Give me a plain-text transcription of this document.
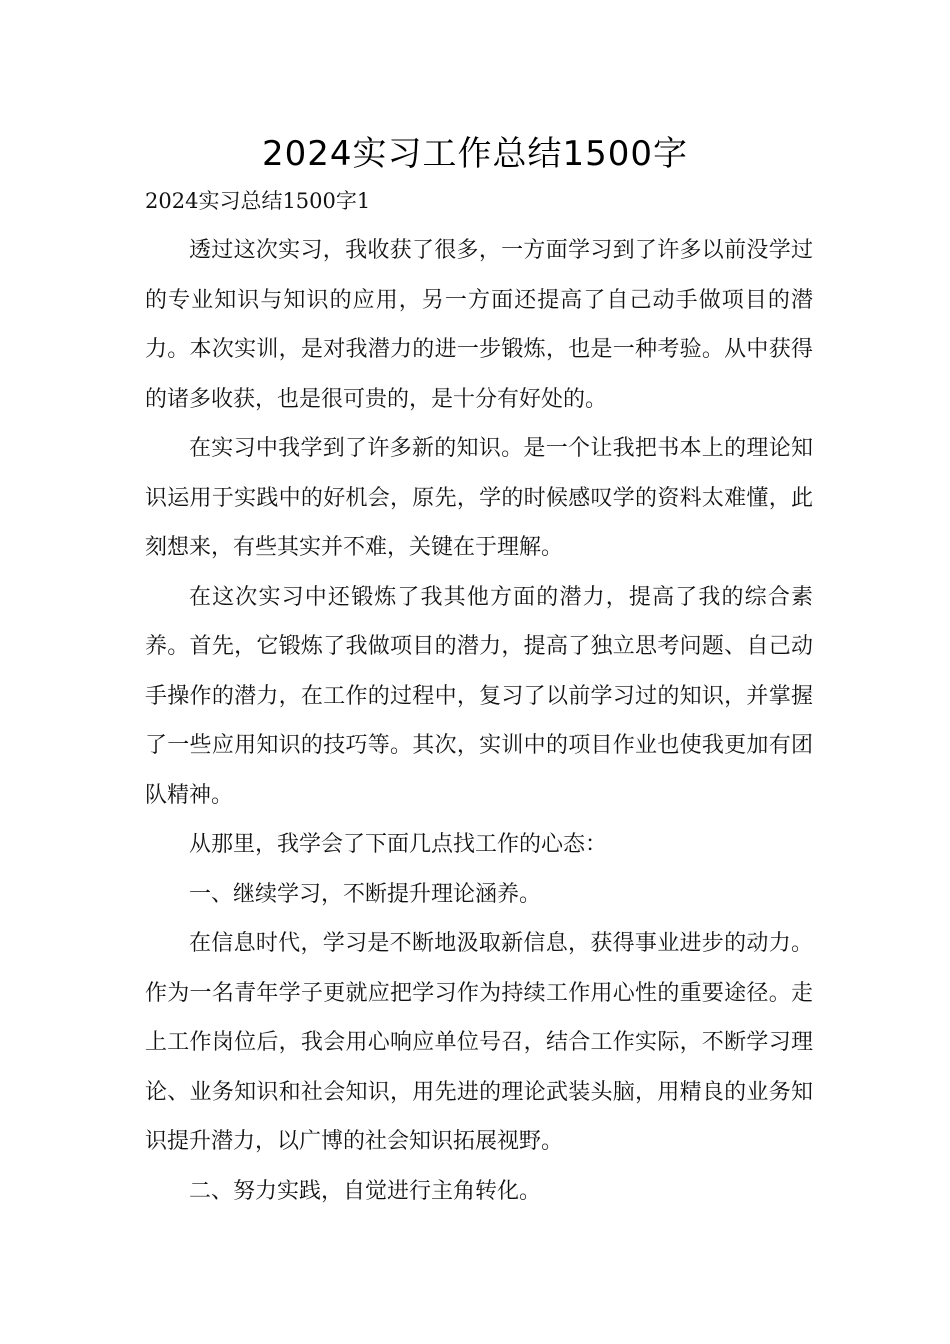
2024实习工作总结1500字
2024实习总结1500字1

透过这次实习，我收获了很多，一方面学习到了许多以前没学过的专业知识与知识的应用，另一方面还提高了自己动手做项目的潜力。本次实训，是对我潜力的进一步锻炼，也是一种考验。从中获得的诸多收获，也是很可贵的，是十分有好处的。

在实习中我学到了许多新的知识。是一个让我把书本上的理论知识运用于实践中的好机会，原先，学的时候感叹学的资料太难懂，此刻想来，有些其实并不难，关键在于理解。

在这次实习中还锻炼了我其他方面的潜力，提高了我的综合素养。首先，它锻炼了我做项目的潜力，提高了独立思考问题、自己动手操作的潜力，在工作的过程中，复习了以前学习过的知识，并掌握了一些应用知识的技巧等。其次，实训中的项目作业也使我更加有团队精神。

从那里，我学会了下面几点找工作的心态：

一、继续学习，不断提升理论涵养。

在信息时代，学习是不断地汲取新信息，获得事业进步的动力。作为一名青年学子更就应把学习作为持续工作用心性的重要途径。走上工作岗位后，我会用心响应单位号召，结合工作实际，不断学习理论、业务知识和社会知识，用先进的理论武装头脑，用精良的业务知识提升潜力，以广博的社会知识拓展视野。

二、努力实践，自觉进行主角转化。
